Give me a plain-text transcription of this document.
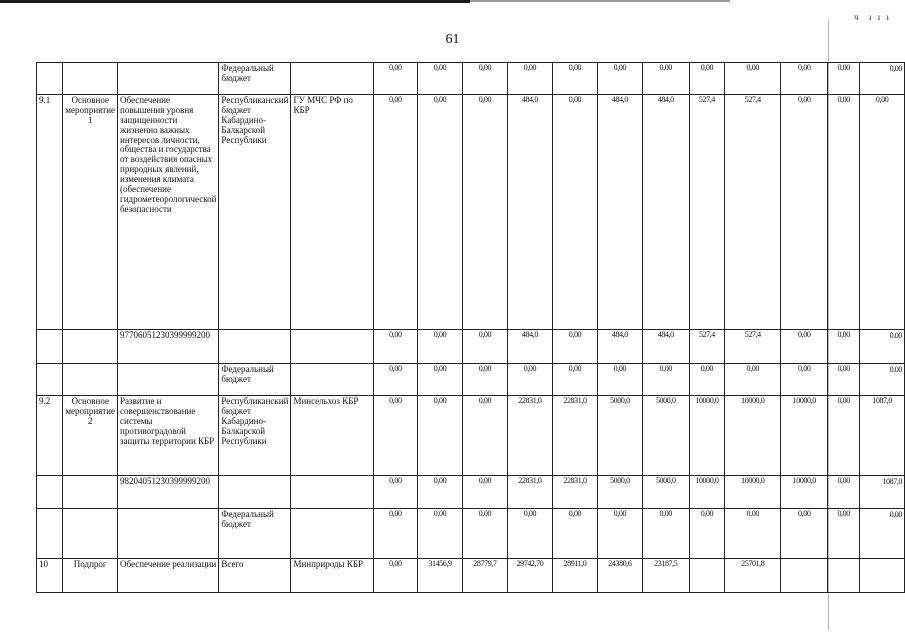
ч  ı ı ı
61
			Федеральный бюджет		0,00	0,00	0,00	0,00	0,00	0,00	0,00	0,00	0,00	0,00	0,00	0,00
9.1	Основное мероприятие 1	Обеспечение повышения уровня защищенности жизненно важных интересов личности, общества и государства от воздействия опасных природных явлений, изменения климата (обеспечение гидрометеорологической безопасности	Республиканский бюджет Кабардино-Балкарской Республики	ГУ МЧС РФ по КБР	0,00	0,00	0,00	484,0	0,00	484,0	484,0	527,4	527,4	0,00	0,00	0,00
		97706051230399999200			0,00	0,00	0,00	484,0	0,00	484,0	484,0	527,4	527,4	0,00	0,00	0.00
			Федеральный бюджет		0,00	0,00	0,00	0,00	0,00	0,00	0,00	0,00	0,00	0,00	0,00	0.00
9.2	Основное мероприятие 2	Развитие и совершенствование системы противоградовой защиты территории КБР	Республиканский бюджет Кабардино-Балкарской Республики	Минсельхоз КБР	0,00	0,00	0,00	22831,0	22831,0	5000,0	5000,0	10000,0	10000,0	10000,0	0,00	1087,0
		98204051230399999200			0,00	0,00	0,00	22831,0	22831,0	5000,0	5000,0	10000,0	10000,0	10000,0	0,00	1087,0
			Федеральный бюджет		0,00	0,00	0,00	0,00	0,00	0,00	0,00	0,00	0,00	0,00	0,00	0,00
10	Подпрог	Обеспечение реализации	Всего	Минприроды КБР	0,00	31456,9	28779,7	29742,70	28911,0	24380,6	23187,5		25701,8			
